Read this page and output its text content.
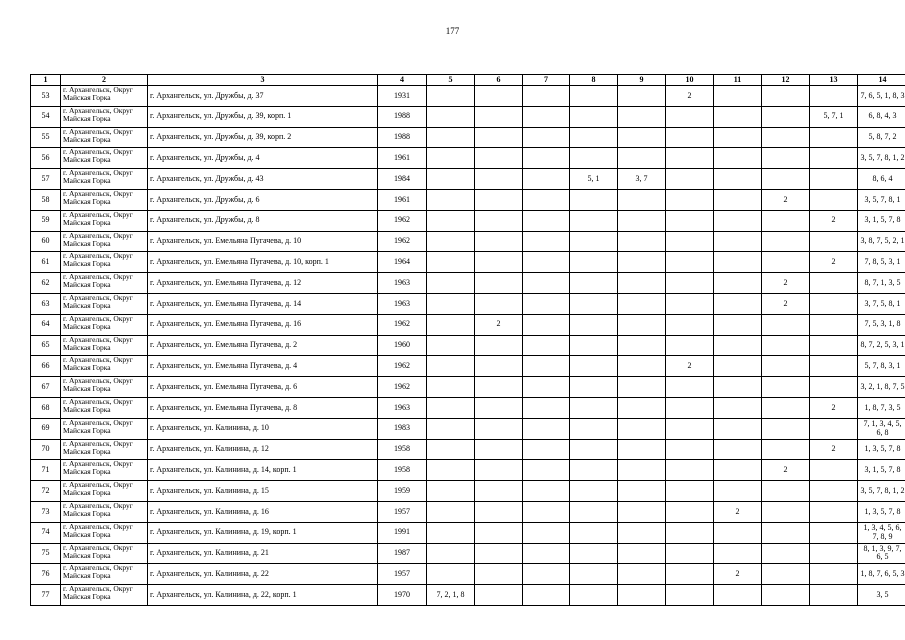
177
1	2	3	4	5	6	7	8	9	10	11	12	13	14
53	г. Архангельск, Округ Майская Горка	г. Архангельск, ул. Дружбы, д. 37	1931						2				7, 6, 5, 1, 8, 3
54	г. Архангельск, Округ Майская Горка	г. Архангельск, ул. Дружбы, д. 39, корп. 1	1988									5, 7, 1	6, 8, 4, 3
55	г. Архангельск, Округ Майская Горка	г. Архангельск, ул. Дружбы, д. 39, корп. 2	1988										5, 8, 7, 2
56	г. Архангельск, Округ Майская Горка	г. Архангельск, ул. Дружбы, д. 4	1961										3, 5, 7, 8, 1, 2
57	г. Архангельск, Округ Майская Горка	г. Архангельск, ул. Дружбы, д. 43	1984				5, 1	3, 7					8, 6, 4
58	г. Архангельск, Округ Майская Горка	г. Архангельск, ул. Дружбы, д. 6	1961								2		3, 5, 7, 8, 1
59	г. Архангельск, Округ Майская Горка	г. Архангельск, ул. Дружбы, д. 8	1962									2	3, 1, 5, 7, 8
60	г. Архангельск, Округ Майская Горка	г. Архангельск, ул. Емельяна Пугачева, д. 10	1962										3, 8, 7, 5, 2, 1
61	г. Архангельск, Округ Майская Горка	г. Архангельск, ул. Емельяна Пугачева, д. 10, корп. 1	1964									2	7, 8, 5, 3, 1
62	г. Архангельск, Округ Майская Горка	г. Архангельск, ул. Емельяна Пугачева, д. 12	1963								2		8, 7, 1, 3, 5
63	г. Архангельск, Округ Майская Горка	г. Архангельск, ул. Емельяна Пугачева, д. 14	1963								2		3, 7, 5, 8, 1
64	г. Архангельск, Округ Майская Горка	г. Архангельск, ул. Емельяна Пугачева, д. 16	1962		2								7, 5, 3, 1, 8
65	г. Архангельск, Округ Майская Горка	г. Архангельск, ул. Емельяна Пугачева, д. 2	1960										8, 7, 2, 5, 3, 1
66	г. Архангельск, Округ Майская Горка	г. Архангельск, ул. Емельяна Пугачева, д. 4	1962						2				5, 7, 8, 3, 1
67	г. Архангельск, Округ Майская Горка	г. Архангельск, ул. Емельяна Пугачева, д. 6	1962										3, 2, 1, 8, 7, 5
68	г. Архангельск, Округ Майская Горка	г. Архангельск, ул. Емельяна Пугачева, д. 8	1963									2	1, 8, 7, 3, 5
69	г. Архангельск, Округ Майская Горка	г. Архангельск, ул. Калинина, д. 10	1983										7, 1, 3, 4, 5, 6, 8
70	г. Архангельск, Округ Майская Горка	г. Архангельск, ул. Калинина, д. 12	1958									2	1, 3, 5, 7, 8
71	г. Архангельск, Округ Майская Горка	г. Архангельск, ул. Калинина, д. 14, корп. 1	1958								2		3, 1, 5, 7, 8
72	г. Архангельск, Округ Майская Горка	г. Архангельск, ул. Калинина, д. 15	1959										3, 5, 7, 8, 1, 2
73	г. Архангельск, Округ Майская Горка	г. Архангельск, ул. Калинина, д. 16	1957							2			1, 3, 5, 7, 8
74	г. Архангельск, Округ Майская Горка	г. Архангельск, ул. Калинина, д. 19, корп. 1	1991										1, 3, 4, 5, 6, 7, 8, 9
75	г. Архангельск, Округ Майская Горка	г. Архангельск, ул. Калинина, д. 21	1987										8, 1, 3, 9, 7, 6, 5
76	г. Архангельск, Округ Майская Горка	г. Архангельск, ул. Калинина, д. 22	1957							2			1, 8, 7, 6, 5, 3
77	г. Архангельск, Округ Майская Горка	г. Архангельск, ул. Калинина, д. 22, корп. 1	1970	7, 2, 1, 8									3, 5
